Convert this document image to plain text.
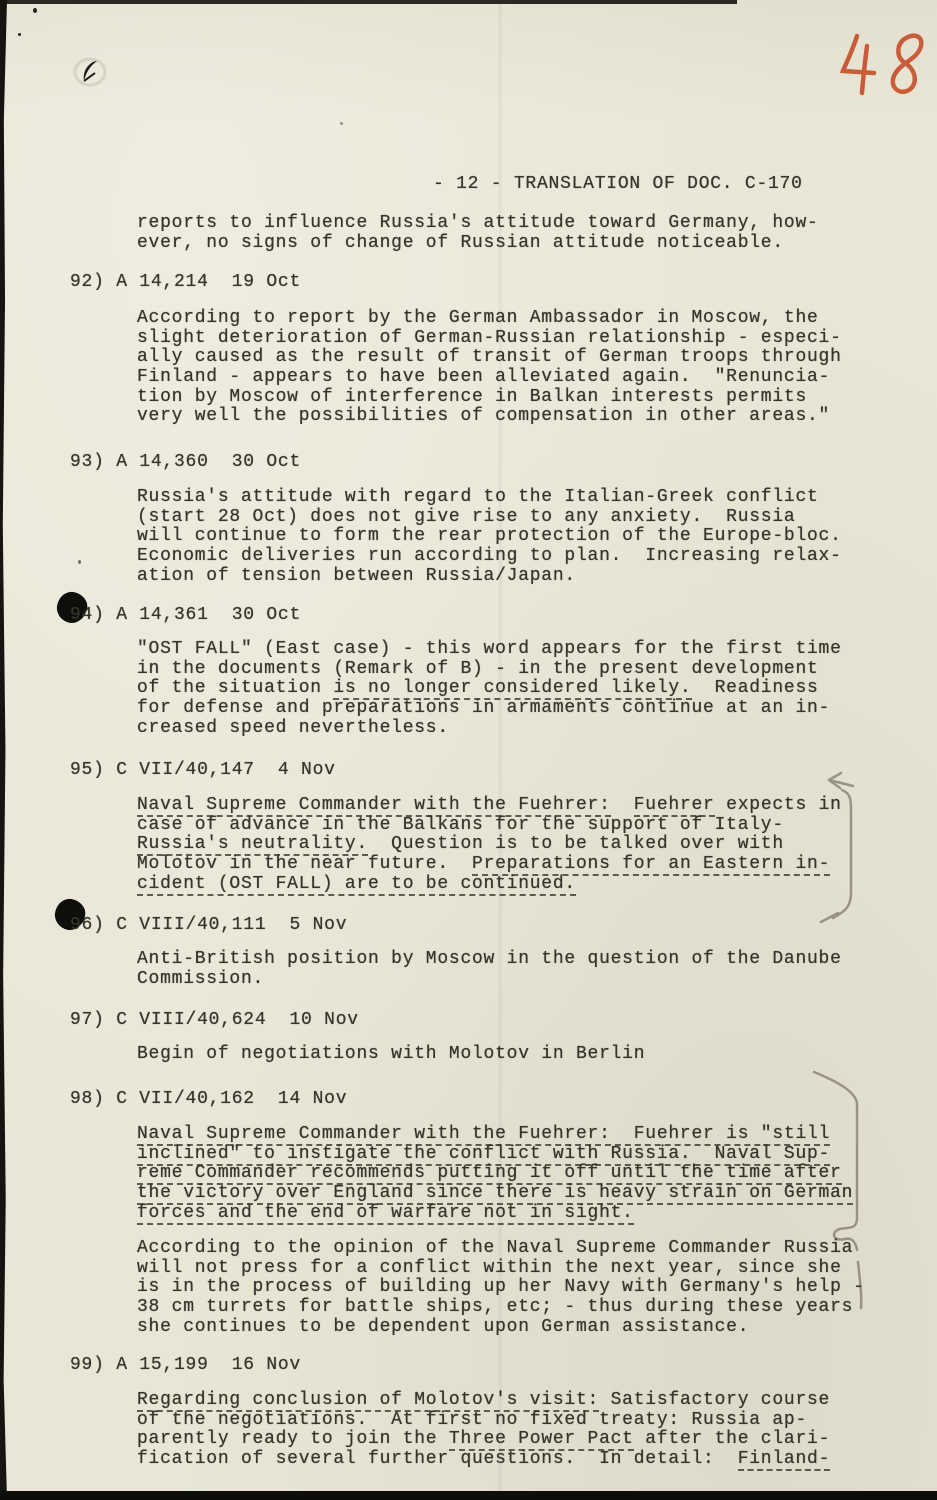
- 12 - TRANSLATION OF DOC. C-170
reports to influence Russia's attitude toward Germany, how-
ever, no signs of change of Russian attitude noticeable.
92) A 14,214  19 Oct
According to report by the German Ambassador in Moscow, the
slight deterioration of German-Russian relationship - especi-
ally caused as the result of transit of German troops through
Finland - appears to have been alleviated again.  "Renuncia-
tion by Moscow of interference in Balkan interests permits
very well the possibilities of compensation in other areas."
93) A 14,360  30 Oct
Russia's attitude with regard to the Italian-Greek conflict
(start 28 Oct) does not give rise to any anxiety.  Russia
will continue to form the rear protection of the Europe-bloc.
Economic deliveries run according to plan.  Increasing relax-
ation of tension between Russia/Japan.
94) A 14,361  30 Oct
"OST FALL" (East case) - this word appears for the first time
in the documents (Remark of B) - in the present development
of the situation is no longer considered likely.  Readiness
for defense and preparations in armaments continue at an in-
creased speed nevertheless.
95) C VII/40,147  4 Nov
Naval Supreme Commander with the Fuehrer: Fuehrer expects in
case of advance in the Balkans for the support of Italy-
Russia's neutrality.  Question is to be talked over with
Molotov in the near future.  Preparations for an Eastern in-
cident (OST FALL) are to be continued.
96) C VIII/40,111  5 Nov
Anti-British position by Moscow in the question of the Danube
Commission.
97) C VIII/40,624  10 Nov
Begin of negotiations with Molotov in Berlin
98) C VII/40,162  14 Nov
Naval Supreme Commander with the Fuehrer:  Fuehrer is "still
inclined" to instigate the conflict with Russia.  Naval Sup-
reme Commander recommends putting it off until the time after
the victory over England since there is heavy strain on German
forces and the end of warfare not in sight.
According to the opinion of the Naval Supreme Commander Russia
will not press for a conflict within the next year, since she
is in the process of building up her Navy with Germany's help -
38 cm turrets for battle ships, etc; - thus during these years
she continues to be dependent upon German assistance.
99) A 15,199  16 Nov
Regarding conclusion of Molotov's visit: Satisfactory course
of the negotiations.  At first no fixed treaty: Russia ap-
parently ready to join the Three Power Pact after the clari-
fication of several further questions.  In detail:  Finland-
